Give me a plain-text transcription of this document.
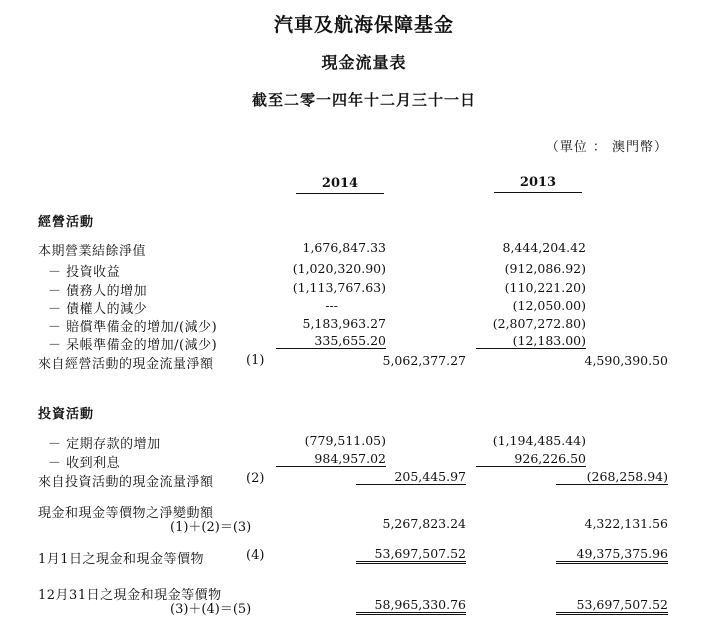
汽車及航海保障基金
現金流量表
截至二零一四年十二月三十一日
（單位 ： 澳門幣）
2014	2013
經營活動
本期營業結餘淨值	1,676,847.33	8,444,204.42
－ 投資收益	(1,020,320.90)	(912,086.92)
－ 債務人的增加	(1,113,767.63)	(110,221.20)
－ 債權人的減少	---	(12,050.00)
－ 賠償準備金的增加/(減少)	5,183,963.27	(2,807,272.80)
－ 呆帳準備金的增加/(減少)	335,655.20	(12,183.00)
來自經營活動的現金流量淨額 (1)	5,062,377.27	4,590,390.50
投資活動
－ 定期存款的增加	(779,511.05)	(1,194,485.44)
－ 收到利息	984,957.02	926,226.50
來自投資活動的現金流量淨額 (2)	205,445.97	(268,258.94)
現金和現金等價物之淨變動額
(1)＋(2)＝(3)	5,267,823.24	4,322,131.56
1月1日之現金和現金等價物	(4)	53,697,507.52	49,375,375.96
12月31日之現金和現金等價物
(3)＋(4)＝(5)	58,965,330.76	53,697,507.52
